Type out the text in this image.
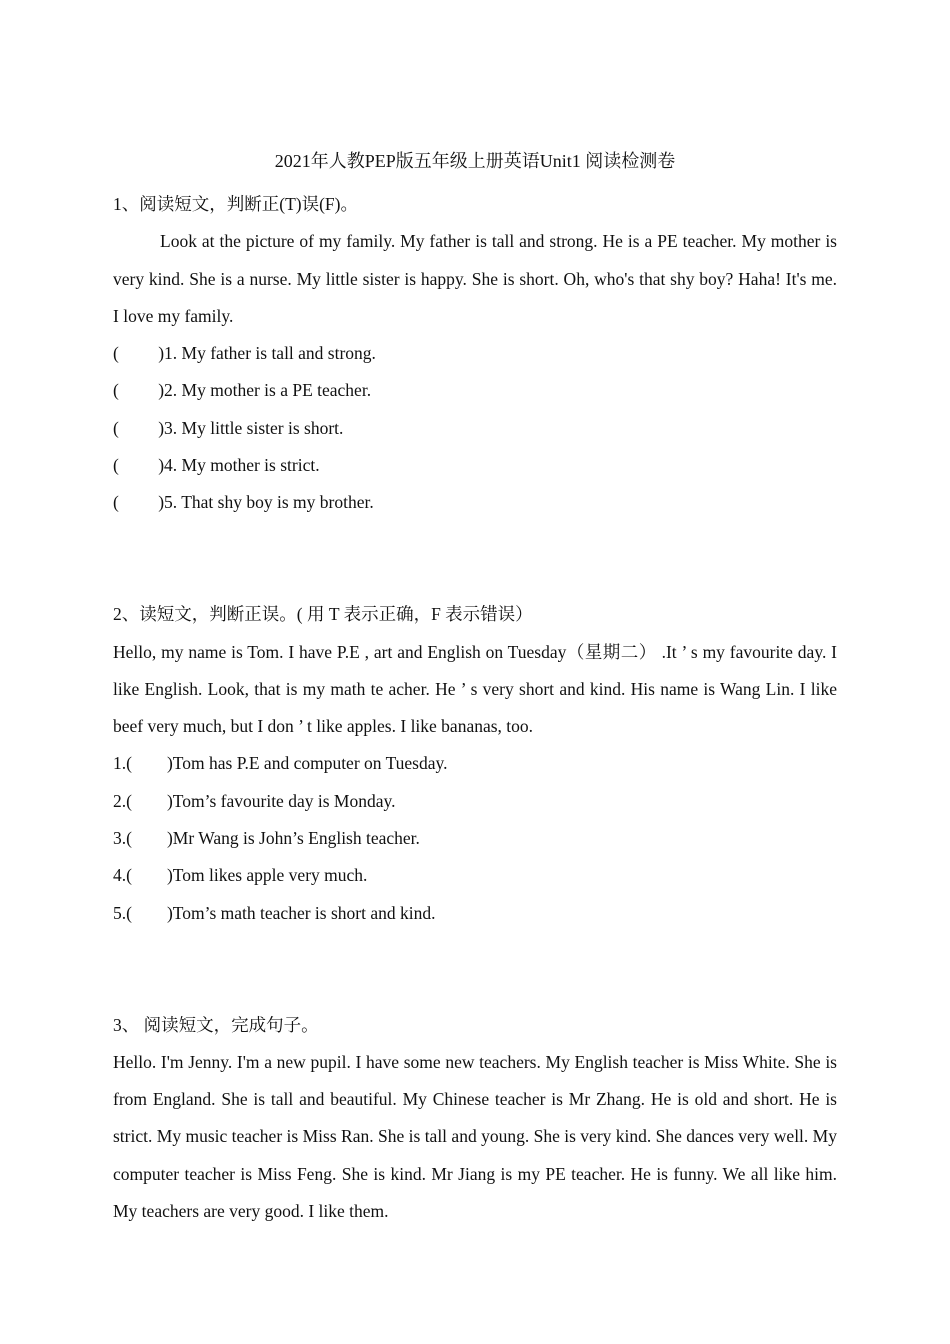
2021年人教PEP版五年级上册英语Unit1 阅读检测卷
1、阅读短文，判断正(T)误(F)。
Look at the picture of my family. My father is tall and strong. He is a PE teacher. My mother is very kind. She is a nurse. My little sister is happy. She is short. Oh, who's that shy boy? Haha! It's me. I love my family.
(         )1. My father is tall and strong.
(         )2. My mother is a PE teacher.
(         )3. My little sister is short.
(         )4. My mother is strict.
(         )5. That shy boy is my brother.
2、读短文，判断正误。( 用 T 表示正确，F 表示错误）
Hello, my name is Tom. I have P.E , art and English on Tuesday（星期二） .It ’ s my favourite day. I like English. Look, that is my math te acher. He ’ s very short and kind. His name is Wang Lin. I like beef very much, but I don ’ t like apples. I like bananas, too.
1.(        )Tom has P.E and computer on Tuesday.
2.(        )Tom’s favourite day is Monday.
3.(        )Mr Wang is John’s English teacher.
4.(        )Tom likes apple very much.
5.(        )Tom’s math teacher is short and kind.
3、 阅读短文，完成句子。
Hello. I'm Jenny. I'm a new pupil. I have some new teachers. My English teacher is Miss White. She is from England. She is tall and beautiful. My Chinese teacher is Mr Zhang. He is old and short. He is strict. My music teacher is Miss Ran. She is tall and young. She is very kind. She dances very well. My computer teacher is Miss Feng. She is kind. Mr Jiang is my PE teacher. He is funny. We all like him. My teachers are very good. I like them.
